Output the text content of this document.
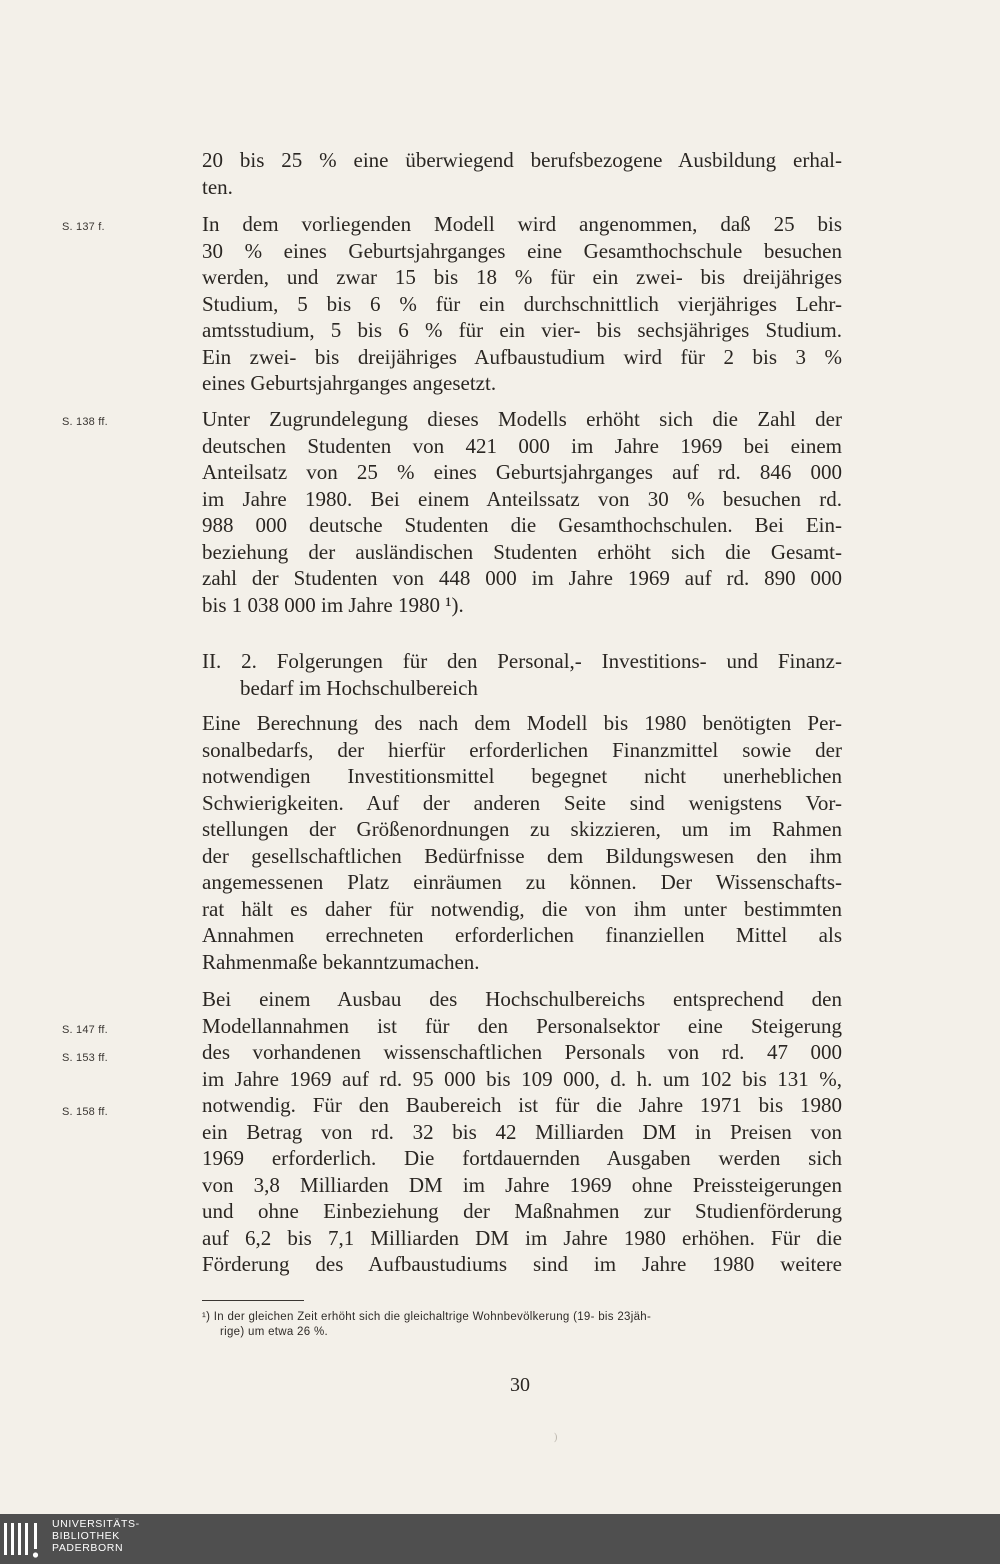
20 bis 25 % eine überwiegend berufsbezogene Ausbildung erhal-
ten.
S. 137 f.	In dem vorliegenden Modell wird angenommen, daß 25 bis
30 % eines Geburtsjahrganges eine Gesamthochschule besuchen
werden, und zwar 15 bis 18 % für ein zwei- bis dreijähriges
Studium, 5 bis 6 % für ein durchschnittlich vierjähriges Lehr-
amtsstudium, 5 bis 6 % für ein vier- bis sechsjähriges Studium.
Ein zwei- bis dreijähriges Aufbaustudium wird für 2 bis 3 %
eines Geburtsjahrganges angesetzt.
S. 138 ff.	Unter Zugrundelegung dieses Modells erhöht sich die Zahl der
deutschen Studenten von 421 000 im Jahre 1969 bei einem
Anteilsatz von 25 % eines Geburtsjahrganges auf rd. 846 000
im Jahre 1980. Bei einem Anteilssatz von 30 % besuchen rd.
988 000 deutsche Studenten die Gesamthochschulen. Bei Ein-
beziehung der ausländischen Studenten erhöht sich die Gesamt-
zahl der Studenten von 448 000 im Jahre 1969 auf rd. 890 000
bis 1 038 000 im Jahre 1980 ¹).
II. 2. Folgerungen für den Personal,- Investitions- und Finanz-
bedarf im Hochschulbereich
Eine Berechnung des nach dem Modell bis 1980 benötigten Per-
sonalbedarfs, der hierfür erforderlichen Finanzmittel sowie der
notwendigen Investitionsmittel begegnet nicht unerheblichen
Schwierigkeiten. Auf der anderen Seite sind wenigstens Vor-
stellungen der Größenordnungen zu skizzieren, um im Rahmen
der gesellschaftlichen Bedürfnisse dem Bildungswesen den ihm
angemessenen Platz einräumen zu können. Der Wissenschafts-
rat hält es daher für notwendig, die von ihm unter bestimmten
Annahmen errechneten erforderlichen finanziellen Mittel als
Rahmenmaße bekanntzumachen.
S. 147 ff.
S. 153 ff.
S. 158 ff.
Bei einem Ausbau des Hochschulbereichs entsprechend den
Modellannahmen ist für den Personalsektor eine Steigerung
des vorhandenen wissenschaftlichen Personals von rd. 47 000
im Jahre 1969 auf rd. 95 000 bis 109 000, d. h. um 102 bis 131 %,
notwendig. Für den Baubereich ist für die Jahre 1971 bis 1980
ein Betrag von rd. 32 bis 42 Milliarden DM in Preisen von
1969 erforderlich. Die fortdauernden Ausgaben werden sich
von 3,8 Milliarden DM im Jahre 1969 ohne Preissteigerungen
und ohne Einbeziehung der Maßnahmen zur Studienförderung
auf 6,2 bis 7,1 Milliarden DM im Jahre 1980 erhöhen. Für die
Förderung des Aufbaustudiums sind im Jahre 1980 weitere
¹) In der gleichen Zeit erhöht sich die gleichaltrige Wohnbevölkerung (19- bis 23jäh-
rige) um etwa 26 %.
30
)
UNIVERSITÄTS-
BIBLIOTHEK
PADERBORN
